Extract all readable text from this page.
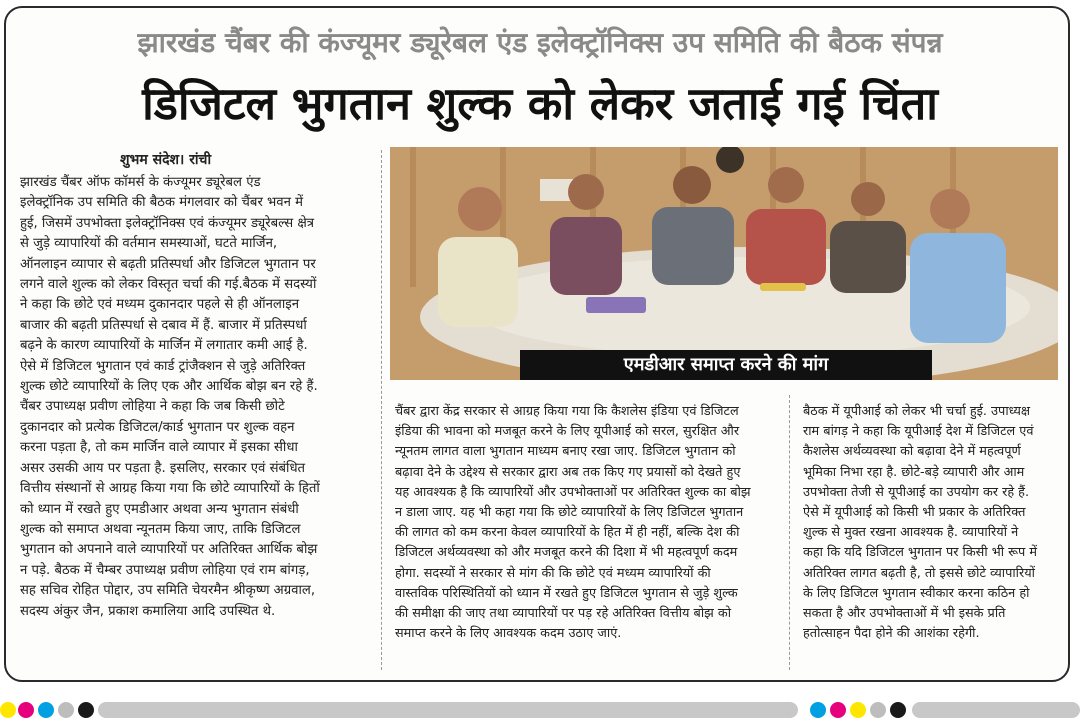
झारखंड चैंबर की कंज्यूमर ड्यूरेबल एंड इलेक्ट्रॉनिक्स उप समिति की बैठक संपन्न
डिजिटल भुगतान शुल्क को लेकर जताई गई चिंता
शुभम संदेश। रांची
झारखंड चैंबर ऑफ कॉमर्स के कंज्यूमर ड्यूरेबल एंड
इलेक्ट्रॉनिक उप समिति की बैठक मंगलवार को चैंबर भवन में
हुई, जिसमें उपभोक्ता इलेक्ट्रॉनिक्स एवं कंज्यूमर ड्यूरेबल्स क्षेत्र
से जुड़े व्यापारियों की वर्तमान समस्याओं, घटते मार्जिन,
ऑनलाइन व्यापार से बढ़ती प्रतिस्पर्धा और डिजिटल भुगतान पर
लगने वाले शुल्क को लेकर विस्तृत चर्चा की गई.बैठक में सदस्यों
ने कहा कि छोटे एवं मध्यम दुकानदार पहले से ही ऑनलाइन
बाजार की बढ़ती प्रतिस्पर्धा से दबाव में हैं. बाजार में प्रतिस्पर्धा
बढ़ने के कारण व्यापारियों के मार्जिन में लगातार कमी आई है.
ऐसे में डिजिटल भुगतान एवं कार्ड ट्रांजैक्शन से जुड़े अतिरिक्त
शुल्क छोटे व्यापारियों के लिए एक और आर्थिक बोझ बन रहे हैं.
चैंबर उपाध्यक्ष प्रवीण लोहिया ने कहा कि जब किसी छोटे
दुकानदार को प्रत्येक डिजिटल/कार्ड भुगतान पर शुल्क वहन
करना पड़ता है, तो कम मार्जिन वाले व्यापार में इसका सीधा
असर उसकी आय पर पड़ता है. इसलिए, सरकार एवं संबंधित
वित्तीय संस्थानों से आग्रह किया गया कि छोटे व्यापारियों के हितों
को ध्यान में रखते हुए एमडीआर अथवा अन्य भुगतान संबंधी
शुल्क को समाप्त अथवा न्यूनतम किया जाए, ताकि डिजिटल
भुगतान को अपनाने वाले व्यापारियों पर अतिरिक्त आर्थिक बोझ
न पड़े. बैठक में चैम्बर उपाध्यक्ष प्रवीण लोहिया एवं राम बांगड़,
सह सचिव रोहित पोद्दार, उप समिति चेयरमैन श्रीकृष्ण अग्रवाल,
सदस्य अंकुर जैन, प्रकाश कमालिया आदि उपस्थित थे.
एमडीआर समाप्त करने की मांग
चैंबर द्वारा केंद्र सरकार से आग्रह किया गया कि कैशलेस इंडिया एवं डिजिटल
इंडिया की भावना को मजबूत करने के लिए यूपीआई को सरल, सुरक्षित और
न्यूनतम लागत वाला भुगतान माध्यम बनाए रखा जाए. डिजिटल भुगतान को
बढ़ावा देने के उद्देश्य से सरकार द्वारा अब तक किए गए प्रयासों को देखते हुए
यह आवश्यक है कि व्यापारियों और उपभोक्ताओं पर अतिरिक्त शुल्क का बोझ
न डाला जाए. यह भी कहा गया कि छोटे व्यापारियों के लिए डिजिटल भुगतान
की लागत को कम करना केवल व्यापारियों के हित में ही नहीं, बल्कि देश की
डिजिटल अर्थव्यवस्था को और मजबूत करने की दिशा में भी महत्वपूर्ण कदम
होगा. सदस्यों ने सरकार से मांग की कि छोटे एवं मध्यम व्यापारियों की
वास्तविक परिस्थितियों को ध्यान में रखते हुए डिजिटल भुगतान से जुड़े शुल्क
की समीक्षा की जाए तथा व्यापारियों पर पड़ रहे अतिरिक्त वित्तीय बोझ को
समाप्त करने के लिए आवश्यक कदम उठाए जाएं.
बैठक में यूपीआई को लेकर भी चर्चा हुई. उपाध्यक्ष
राम बांगड़ ने कहा कि यूपीआई देश में डिजिटल एवं
कैशलेस अर्थव्यवस्था को बढ़ावा देने में महत्वपूर्ण
भूमिका निभा रहा है. छोटे-बड़े व्यापारी और आम
उपभोक्ता तेजी से यूपीआई का उपयोग कर रहे हैं.
ऐसे में यूपीआई को किसी भी प्रकार के अतिरिक्त
शुल्क से मुक्त रखना आवश्यक है. व्यापारियों ने
कहा कि यदि डिजिटल भुगतान पर किसी भी रूप में
अतिरिक्त लागत बढ़ती है, तो इससे छोटे व्यापारियों
के लिए डिजिटल भुगतान स्वीकार करना कठिन हो
सकता है और उपभोक्ताओं में भी इसके प्रति
हतोत्साहन पैदा होने की आशंका रहेगी.
